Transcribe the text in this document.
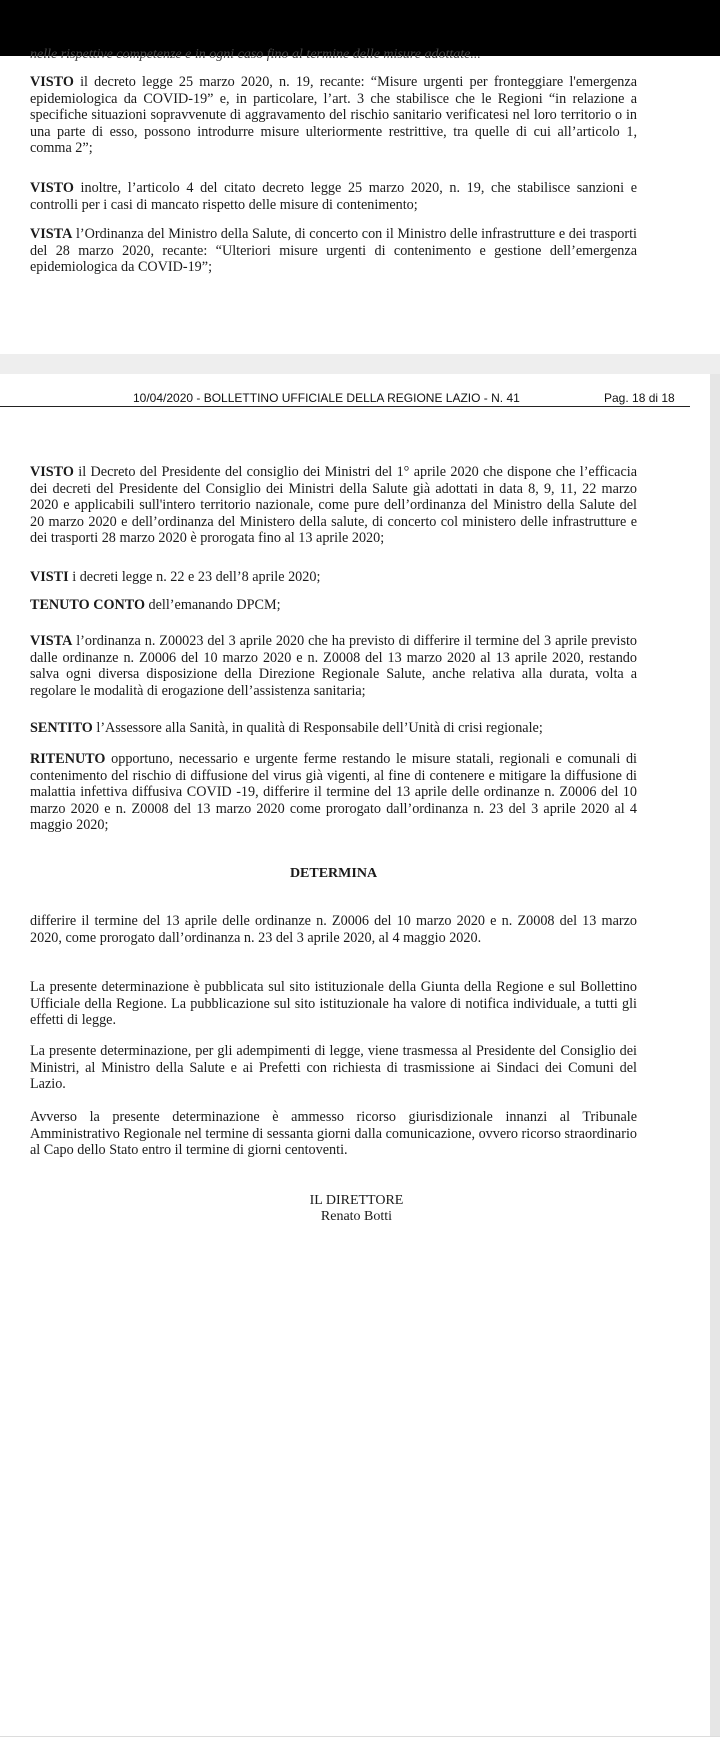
nelle rispettive competenze e in ogni caso fino al termine delle misure adottate...

VISTO il decreto legge 25 marzo 2020, n. 19, recante: “Misure urgenti per fronteggiare l'emergenza epidemiologica da COVID-19” e, in particolare, l’art. 3 che stabilisce che le Regioni “in relazione a specifiche situazioni sopravvenute di aggravamento del rischio sanitario verificatesi nel loro territorio o in una parte di esso, possono introdurre misure ulteriormente restrittive, tra quelle di cui all’articolo 1, comma 2”;

VISTO inoltre, l’articolo 4 del citato decreto legge 25 marzo 2020, n. 19, che stabilisce sanzioni e controlli per i casi di mancato rispetto delle misure di contenimento;

VISTA l’Ordinanza del Ministro della Salute, di concerto con il Ministro delle infrastrutture e dei trasporti del 28 marzo 2020, recante: “Ulteriori misure urgenti di contenimento e gestione dell’emergenza epidemiologica da COVID-19”;

10/04/2020 - BOLLETTINO UFFICIALE DELLA REGIONE LAZIO - N. 41	Pag. 18 di 18

VISTO il Decreto del Presidente del consiglio dei Ministri del 1° aprile 2020 che dispone che l’efficacia dei decreti del Presidente del Consiglio dei Ministri della Salute già adottati in data 8, 9, 11, 22 marzo 2020 e applicabili sull'intero territorio nazionale, come pure dell’ordinanza del Ministro della Salute del 20 marzo 2020 e dell’ordinanza del Ministero della salute, di concerto col ministero delle infrastrutture e dei trasporti 28 marzo 2020 è prorogata fino al 13 aprile 2020;

VISTI i decreti legge n. 22 e 23 dell’8 aprile 2020;

TENUTO CONTO dell’emanando DPCM;

VISTA l’ordinanza n. Z00023 del 3 aprile 2020 che ha previsto di differire il termine del 3 aprile previsto dalle ordinanze n. Z0006 del 10 marzo 2020 e n. Z0008 del 13 marzo 2020 al 13 aprile 2020, restando salva ogni diversa disposizione della Direzione Regionale Salute, anche relativa alla durata, volta a regolare le modalità di erogazione dell’assistenza sanitaria;

SENTITO l’Assessore alla Sanità, in qualità di Responsabile dell’Unità di crisi regionale;

RITENUTO opportuno, necessario e urgente ferme restando le misure statali, regionali e comunali di contenimento del rischio di diffusione del virus già vigenti, al fine di contenere e mitigare la diffusione di malattia infettiva diffusiva COVID -19, differire il termine del 13 aprile delle ordinanze n. Z0006 del 10 marzo 2020 e n. Z0008 del 13 marzo 2020 come prorogato dall’ordinanza n. 23 del 3 aprile 2020 al 4 maggio 2020;

DETERMINA

differire il termine del 13 aprile delle ordinanze n. Z0006 del 10 marzo 2020 e n. Z0008 del 13 marzo 2020, come prorogato dall’ordinanza n. 23 del 3 aprile 2020, al 4 maggio 2020.

La presente determinazione è pubblicata sul sito istituzionale della Giunta della Regione e sul Bollettino Ufficiale della Regione. La pubblicazione sul sito istituzionale ha valore di notifica individuale, a tutti gli effetti di legge.

La presente determinazione, per gli adempimenti di legge, viene trasmessa al Presidente del Consiglio dei Ministri, al Ministro della Salute e ai Prefetti con richiesta di trasmissione ai Sindaci dei Comuni del Lazio.

Avverso la presente determinazione è ammesso ricorso giurisdizionale innanzi al Tribunale Amministrativo Regionale nel termine di sessanta giorni dalla comunicazione, ovvero ricorso straordinario al Capo dello Stato entro il termine di giorni centoventi.

IL DIRETTORE
Renato Botti
